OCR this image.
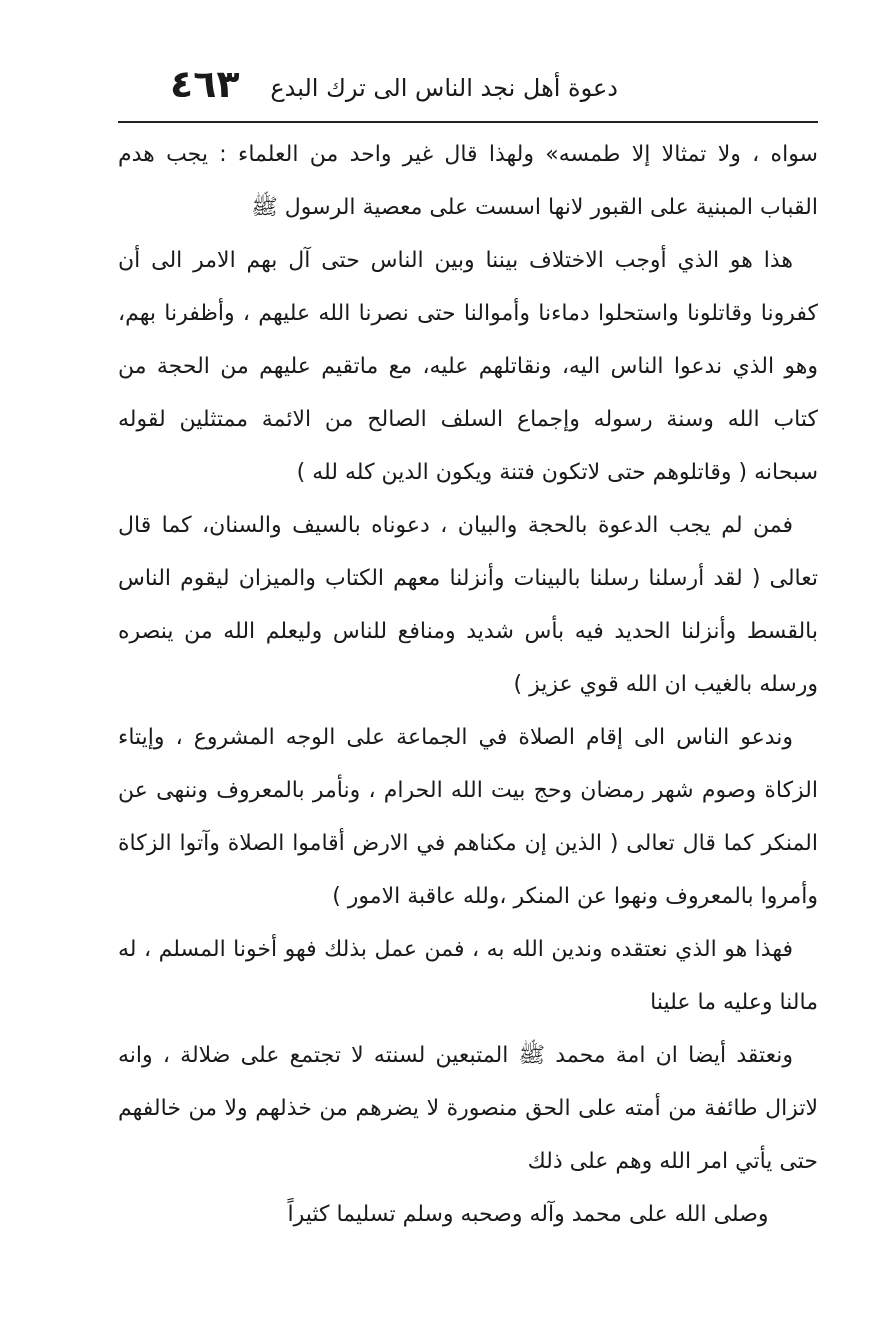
دعوة أهل نجد الناس الى ترك البدع
٤٦٣

سواه ، ولا تمثالا إلا طمسه» ولهذا قال غير واحد من العلماء : يجب هدم القباب المبنية على القبور لانها اسست على معصية الرسول ﷺ

هذا هو الذي أوجب الاختلاف بيننا وبين الناس حتى آل بهم الامر الى أن كفرونا وقاتلونا واستحلوا دماءنا وأموالنا حتى نصرنا الله عليهم ، وأظفرنا بهم، وهو الذي ندعوا الناس اليه، ونقاتلهم عليه، مع ماتقيم عليهم من الحجة من كتاب الله وسنة رسوله وإجماع السلف الصالح من الائمة ممتثلين لقوله سبحانه ( وقاتلوهم حتى لاتكون فتنة ويكون الدين كله لله )

فمن لم يجب الدعوة بالحجة والبيان ، دعوناه بالسيف والسنان، كما قال تعالى ( لقد أرسلنا رسلنا بالبينات وأنزلنا معهم الكتاب والميزان ليقوم الناس بالقسط وأنزلنا الحديد فيه بأس شديد ومنافع للناس وليعلم الله من ينصره ورسله بالغيب ان الله قوي عزيز )

وندعو الناس الى إقام الصلاة في الجماعة على الوجه المشروع ، وإيتاء الزكاة وصوم شهر رمضان وحج بيت الله الحرام ، ونأمر بالمعروف وننهى عن المنكر كما قال تعالى ( الذين إن مكناهم في الارض أقاموا الصلاة وآتوا الزكاة وأمروا بالمعروف ونهوا عن المنكر ،ولله عاقبة الامور )

فهذا هو الذي نعتقده وندين الله به ، فمن عمل بذلك فهو أخونا المسلم ، له مالنا وعليه ما علينا

ونعتقد أيضا ان امة محمد ﷺ المتبعين لسنته لا تجتمع على ضلالة ، وانه لاتزال طائفة من أمته على الحق منصورة لا يضرهم من خذلهم ولا من خالفهم حتى يأتي امر الله وهم على ذلك

وصلى الله على محمد وآله وصحبه وسلم تسليما كثيراً
